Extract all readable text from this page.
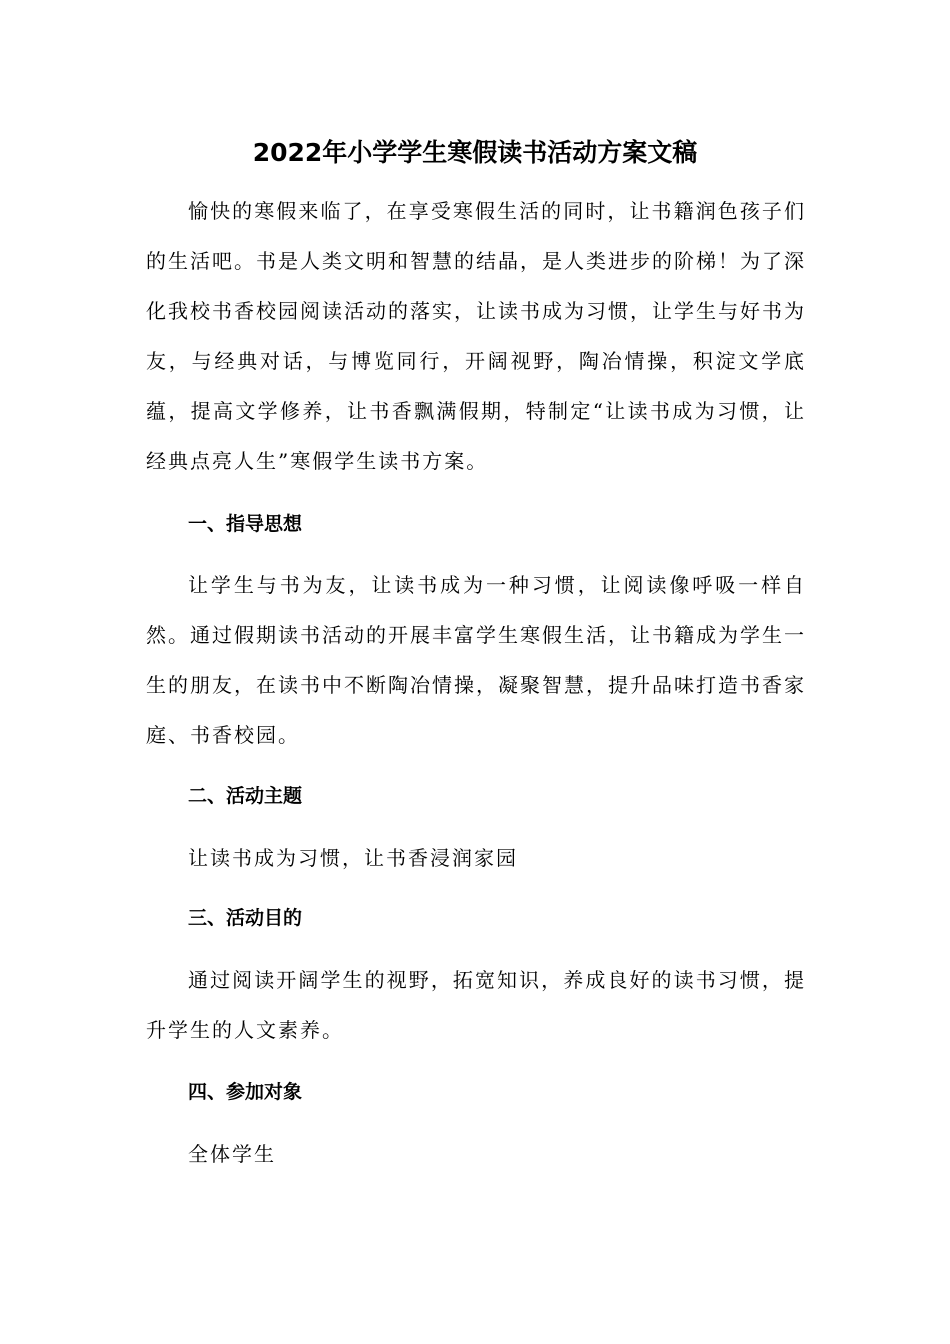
2022年小学学生寒假读书活动方案文稿

愉快的寒假来临了，在享受寒假生活的同时，让书籍润色孩子们的生活吧。书是人类文明和智慧的结晶，是人类进步的阶梯！为了深化我校书香校园阅读活动的落实，让读书成为习惯，让学生与好书为友，与经典对话，与博览同行，开阔视野，陶冶情操，积淀文学底蕴，提高文学修养，让书香飘满假期，特制定“让读书成为习惯，让经典点亮人生”寒假学生读书方案。

一、指导思想

让学生与书为友，让读书成为一种习惯，让阅读像呼吸一样自然。通过假期读书活动的开展丰富学生寒假生活，让书籍成为学生一生的朋友，在读书中不断陶冶情操，凝聚智慧，提升品味打造书香家庭、书香校园。

二、活动主题

让读书成为习惯，让书香浸润家园

三、活动目的

通过阅读开阔学生的视野，拓宽知识，养成良好的读书习惯，提升学生的人文素养。

四、参加对象

全体学生
